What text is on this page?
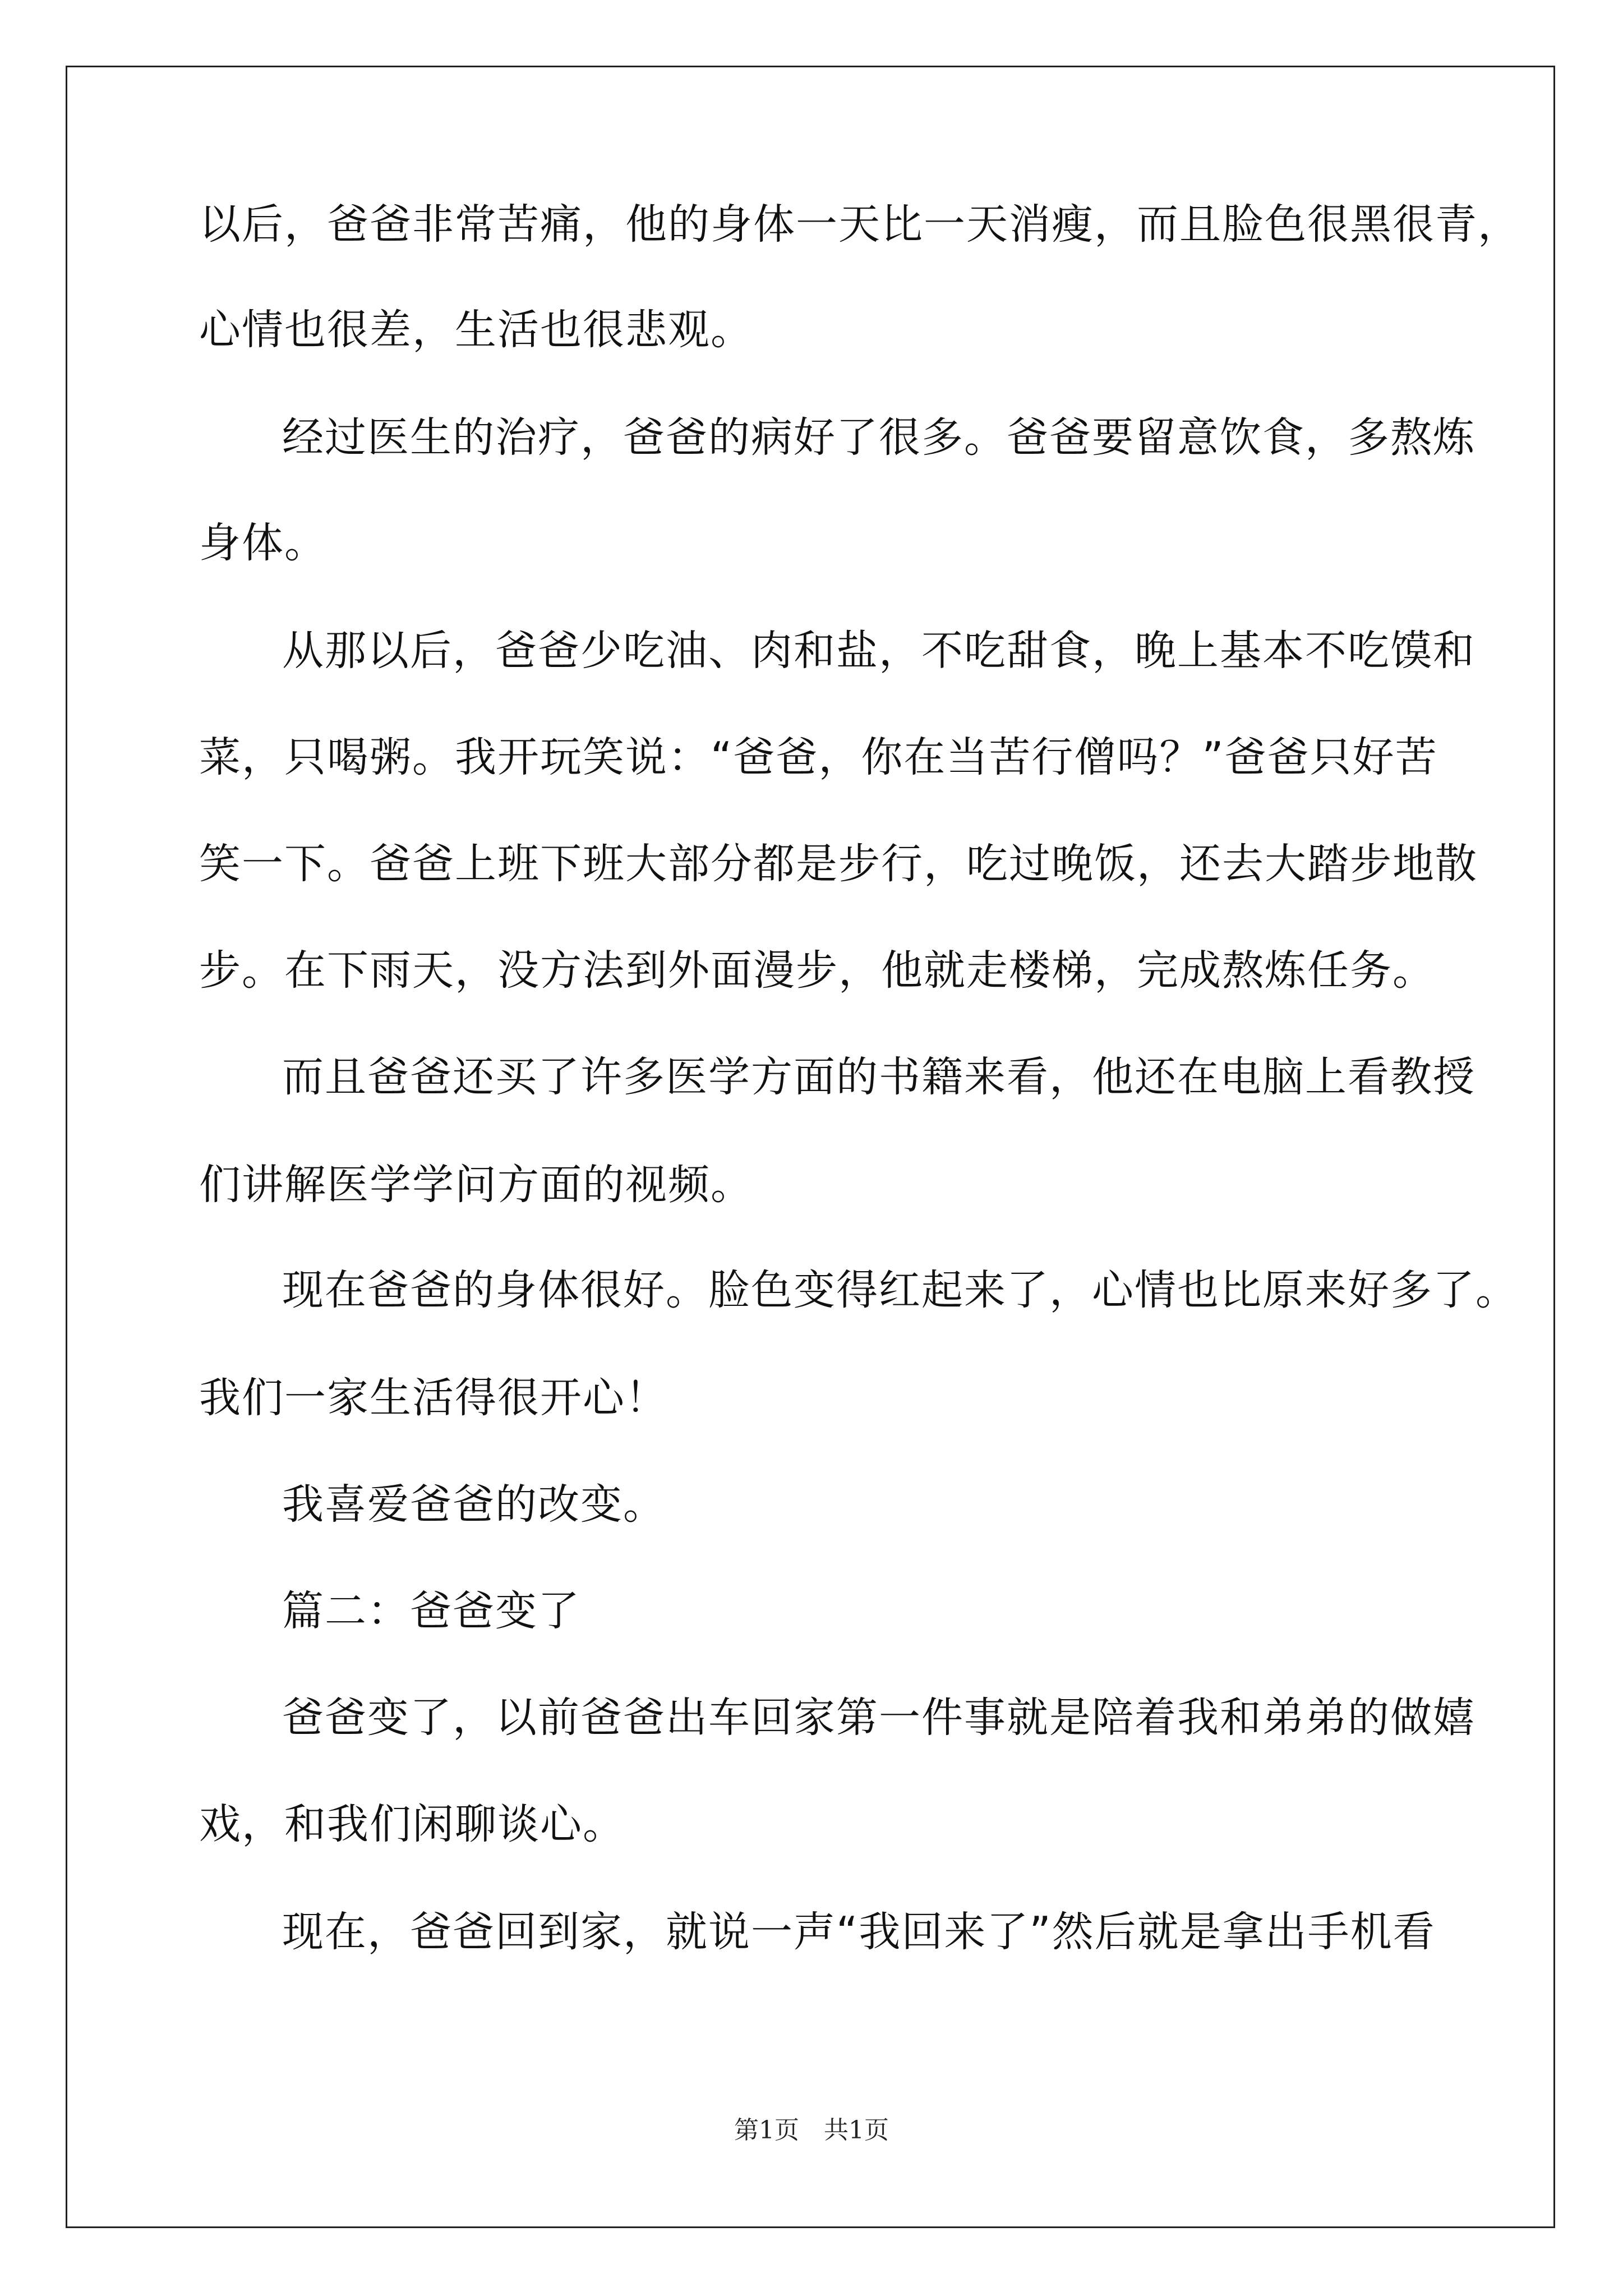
以后，爸爸非常苦痛，他的身体一天比一天消瘦，而且脸色很黑很青，

心情也很差，生活也很悲观。

经过医生的治疗，爸爸的病好了很多。爸爸要留意饮食，多熬炼

身体。

从那以后，爸爸少吃油、肉和盐，不吃甜食，晚上基本不吃馍和

菜，只喝粥。我开玩笑说：“爸爸，你在当苦行僧吗？”爸爸只好苦

笑一下。爸爸上班下班大部分都是步行，吃过晚饭，还去大踏步地散

步。在下雨天，没方法到外面漫步，他就走楼梯，完成熬炼任务。

而且爸爸还买了许多医学方面的书籍来看，他还在电脑上看教授

们讲解医学学问方面的视频。

现在爸爸的身体很好。脸色变得红起来了，心情也比原来好多了。

我们一家生活得很开心！

我喜爱爸爸的改变。

篇二：爸爸变了

爸爸变了，以前爸爸出车回家第一件事就是陪着我和弟弟的做嬉

戏，和我们闲聊谈心。

现在，爸爸回到家，就说一声“我回来了”然后就是拿出手机看

第1页　共1页
